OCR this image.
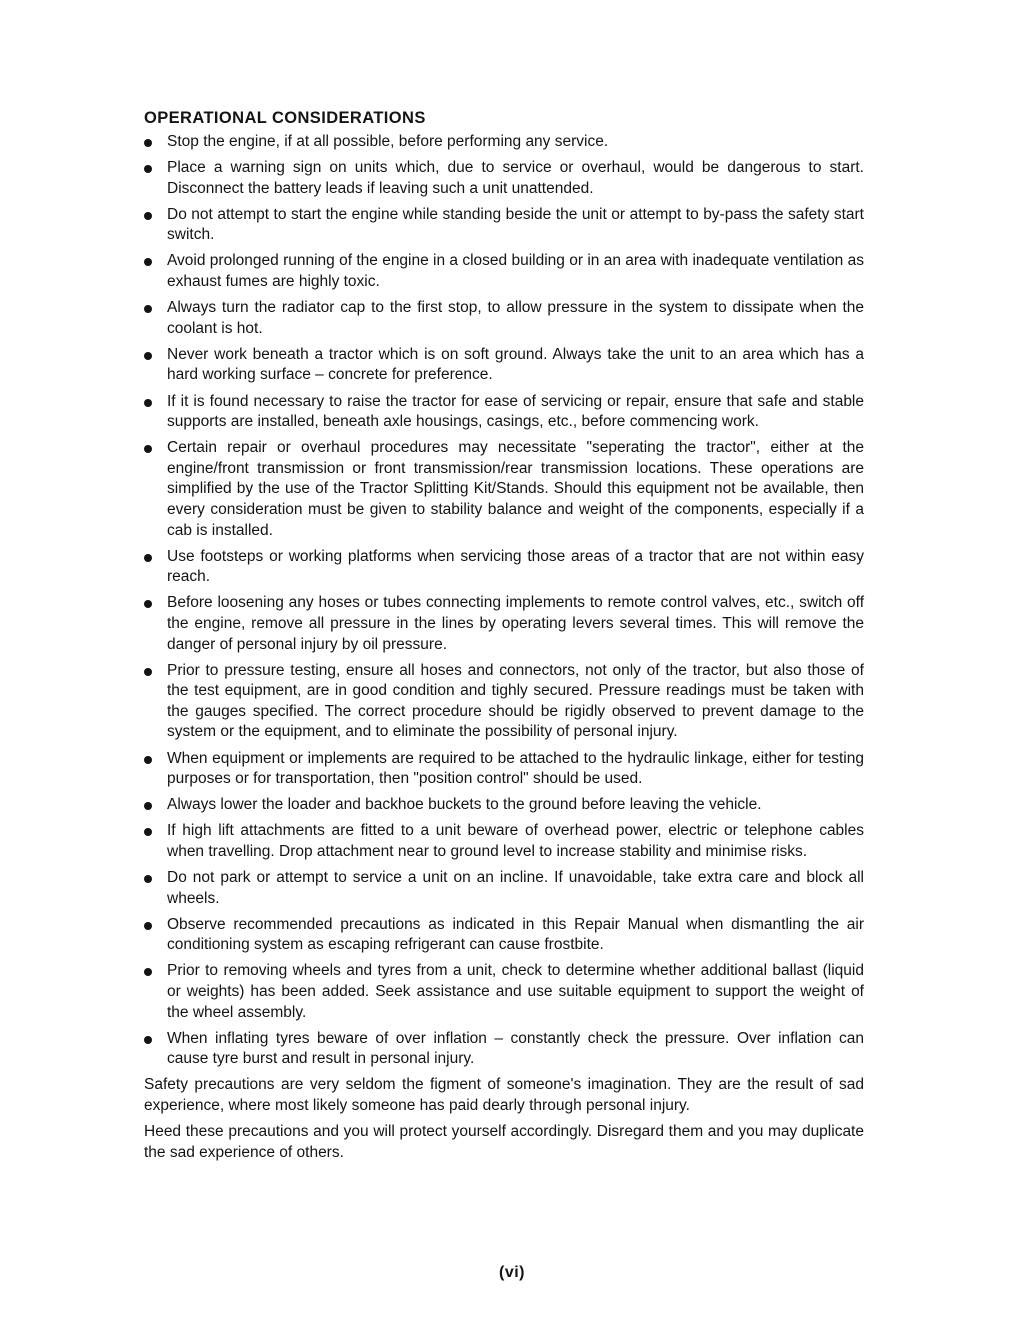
OPERATIONAL CONSIDERATIONS
Stop the engine, if at all possible, before performing any service.
Place a warning sign on units which, due to service or overhaul, would be dangerous to start. Disconnect the battery leads if leaving such a unit unattended.
Do not attempt to start the engine while standing beside the unit or attempt to by-pass the safety start switch.
Avoid prolonged running of the engine in a closed building or in an area with inadequate ventilation as exhaust fumes are highly toxic.
Always turn the radiator cap to the first stop, to allow pressure in the system to dissipate when the coolant is hot.
Never work beneath a tractor which is on soft ground. Always take the unit to an area which has a hard working surface – concrete for preference.
If it is found necessary to raise the tractor for ease of servicing or repair, ensure that safe and stable supports are installed, beneath axle housings, casings, etc., before commencing work.
Certain repair or overhaul procedures may necessitate "seperating the tractor", either at the engine/front transmission or front transmission/rear transmission locations. These operations are simplified by the use of the Tractor Splitting Kit/Stands. Should this equipment not be available, then every consideration must be given to stability balance and weight of the components, especially if a cab is installed.
Use footsteps or working platforms when servicing those areas of a tractor that are not within easy reach.
Before loosening any hoses or tubes connecting implements to remote control valves, etc., switch off the engine, remove all pressure in the lines by operating levers several times. This will remove the danger of personal injury by oil pressure.
Prior to pressure testing, ensure all hoses and connectors, not only of the tractor, but also those of the test equipment, are in good condition and tighly secured. Pressure readings must be taken with the gauges specified. The correct procedure should be rigidly observed to prevent damage to the system or the equipment, and to eliminate the possibility of personal injury.
When equipment or implements are required to be attached to the hydraulic linkage, either for testing purposes or for transportation, then "position control" should be used.
Always lower the loader and backhoe buckets to the ground before leaving the vehicle.
If high lift attachments are fitted to a unit beware of overhead power, electric or telephone cables when travelling. Drop attachment near to ground level to increase stability and minimise risks.
Do not park or attempt to service a unit on an incline. If unavoidable, take extra care and block all wheels.
Observe recommended precautions as indicated in this Repair Manual when dismantling the air conditioning system as escaping refrigerant can cause frostbite.
Prior to removing wheels and tyres from a unit, check to determine whether additional ballast (liquid or weights) has been added. Seek assistance and use suitable equipment to support the weight of the wheel assembly.
When inflating tyres beware of over inflation – constantly check the pressure. Over inflation can cause tyre burst and result in personal injury.

Safety precautions are very seldom the figment of someone's imagination. They are the result of sad experience, where most likely someone has paid dearly through personal injury.

Heed these precautions and you will protect yourself accordingly. Disregard them and you may duplicate the sad experience of others.

(vi)
